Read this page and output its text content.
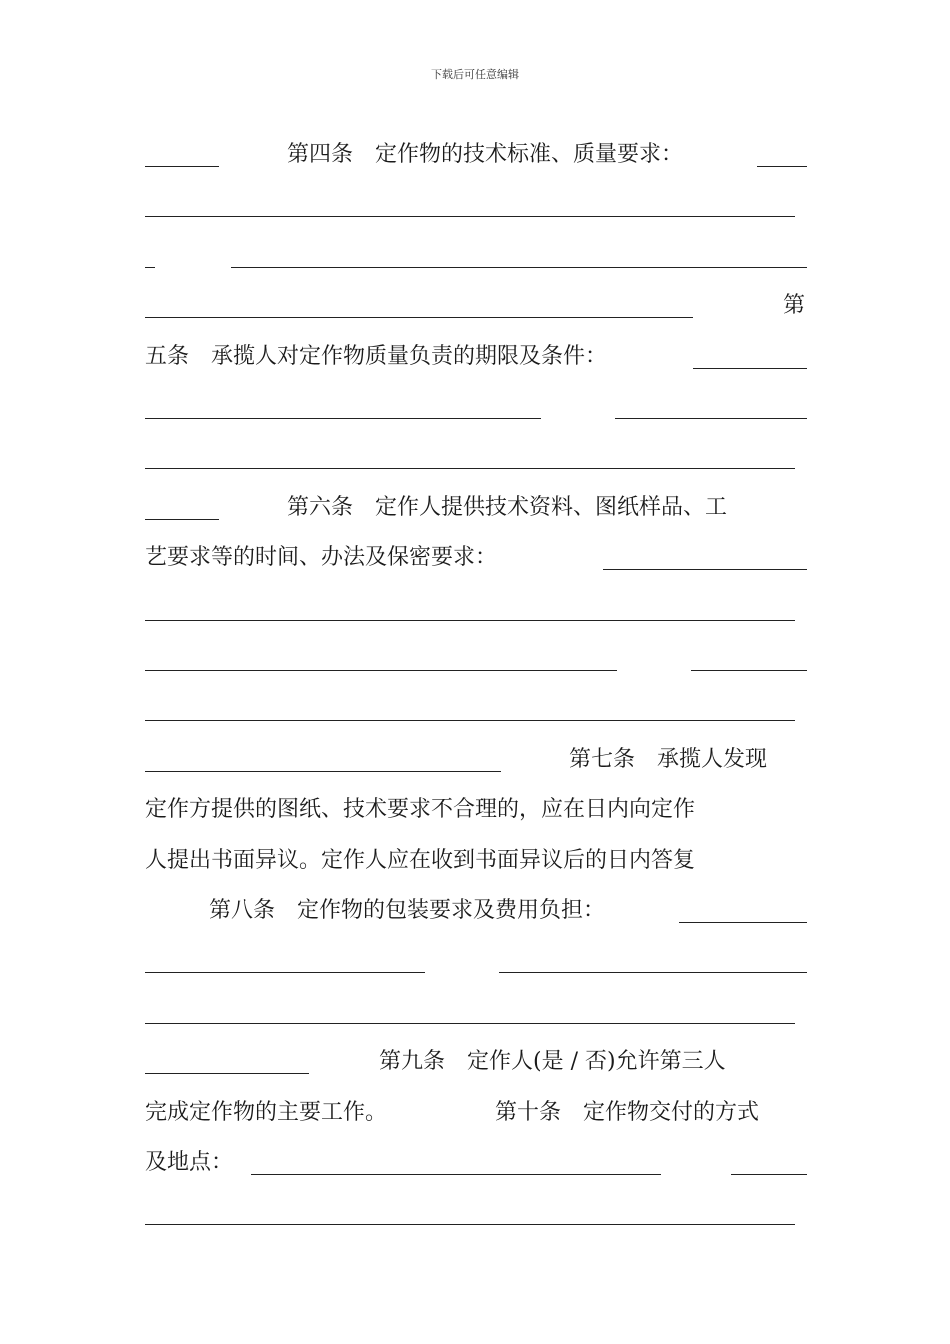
下载后可任意编辑
第四条　定作物的技术标准、质量要求：
第
五条　承揽人对定作物质量负责的期限及条件：
第六条　定作人提供技术资料、图纸样品、工
艺要求等的时间、办法及保密要求：
第七条　承揽人发现
定作方提供的图纸、技术要求不合理的，应在日内向定作
人提出书面异议。定作人应在收到书面异议后的日内答复
第八条　定作物的包装要求及费用负担：
第九条　定作人(是 / 否)允许第三人
完成定作物的主要工作。	第十条　定作物交付的方式
及地点：
